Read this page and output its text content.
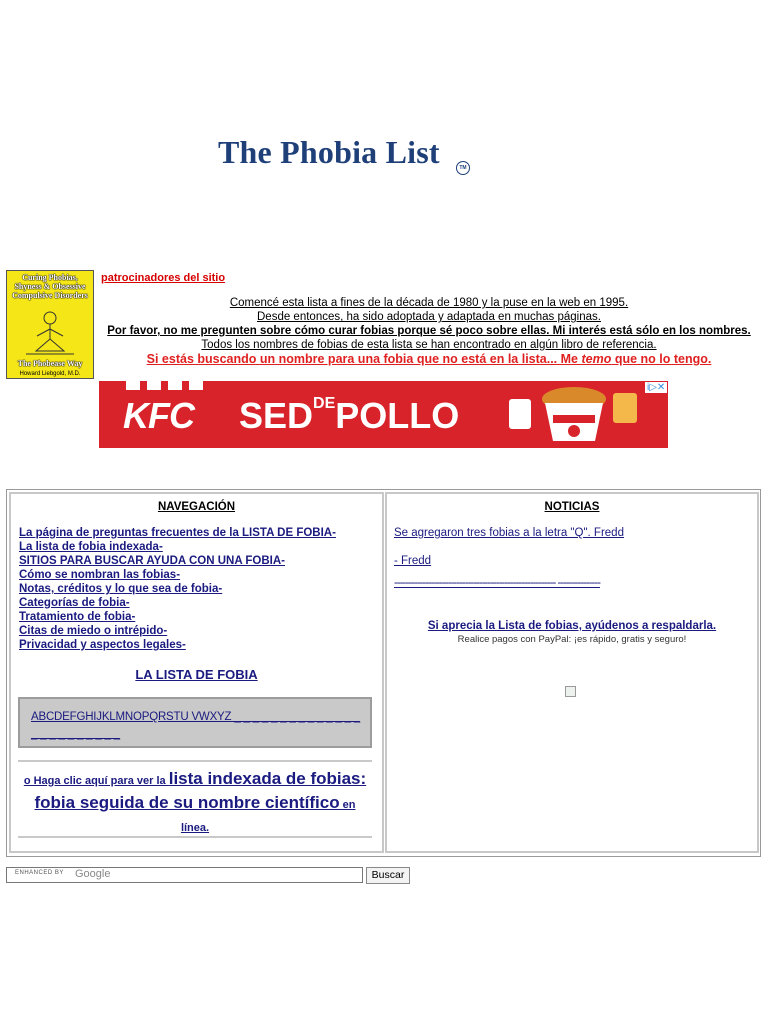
The Phobia List	TM
Curing Phobias, Shyness & Obsessive Compulsive Disorders
The Phobease Way
Howard Liebgold, M.D.
patrocinadores del sitio
Comencé esta lista a fines de la década de 1980 y la puse en la web en 1995.
Desde entonces, ha sido adoptada y adaptada en muchas páginas.
Por favor, no me pregunten sobre cómo curar fobias porque sé poco sobre ellas. Mi interés está sólo en los nombres.
Todos los nombres de fobias de esta lista se han encontrado en algún libro de referencia.
Si estás buscando un nombre para una fobia que no está en la lista... Me temo que no lo tengo.
KFC $SED^{DE}POLLO$
i▷✕
NAVEGACIÓN	NOTICIAS
La página de preguntas frecuentes de la LISTA DE FOBIA-
La lista de fobia indexada-
SITIOS PARA BUSCAR AYUDA CON UNA FOBIA-
Cómo se nombran las fobias-
Notas, créditos y lo que sea de fobia-
Categorías de fobia-
Tratamiento de fobia-
Citas de miedo o intrépido-
Privacidad y aspectos legales-
LA LISTA DE FOBIA
ABCDEFGHIJKLMNOPQRSTU VWXYZ _ _ _ _ _ _ _ _ _ _ _ _ _ _ _ _ _ _ _ _ _ _ _ _
o Haga clic aquí para ver la lista indexada de fobias: fobia seguida de su nombre científico en línea.
Se agregaron tres fobias a la letra "Q". Fredd
- Fredd
--------------------------------------------------------- ---------------
Si aprecia la Lista de fobias, ayúdenos a respaldarla.
Realice pagos con PayPal: ¡es rápido, gratis y seguro!
ENHANCED BY Google	Buscar
